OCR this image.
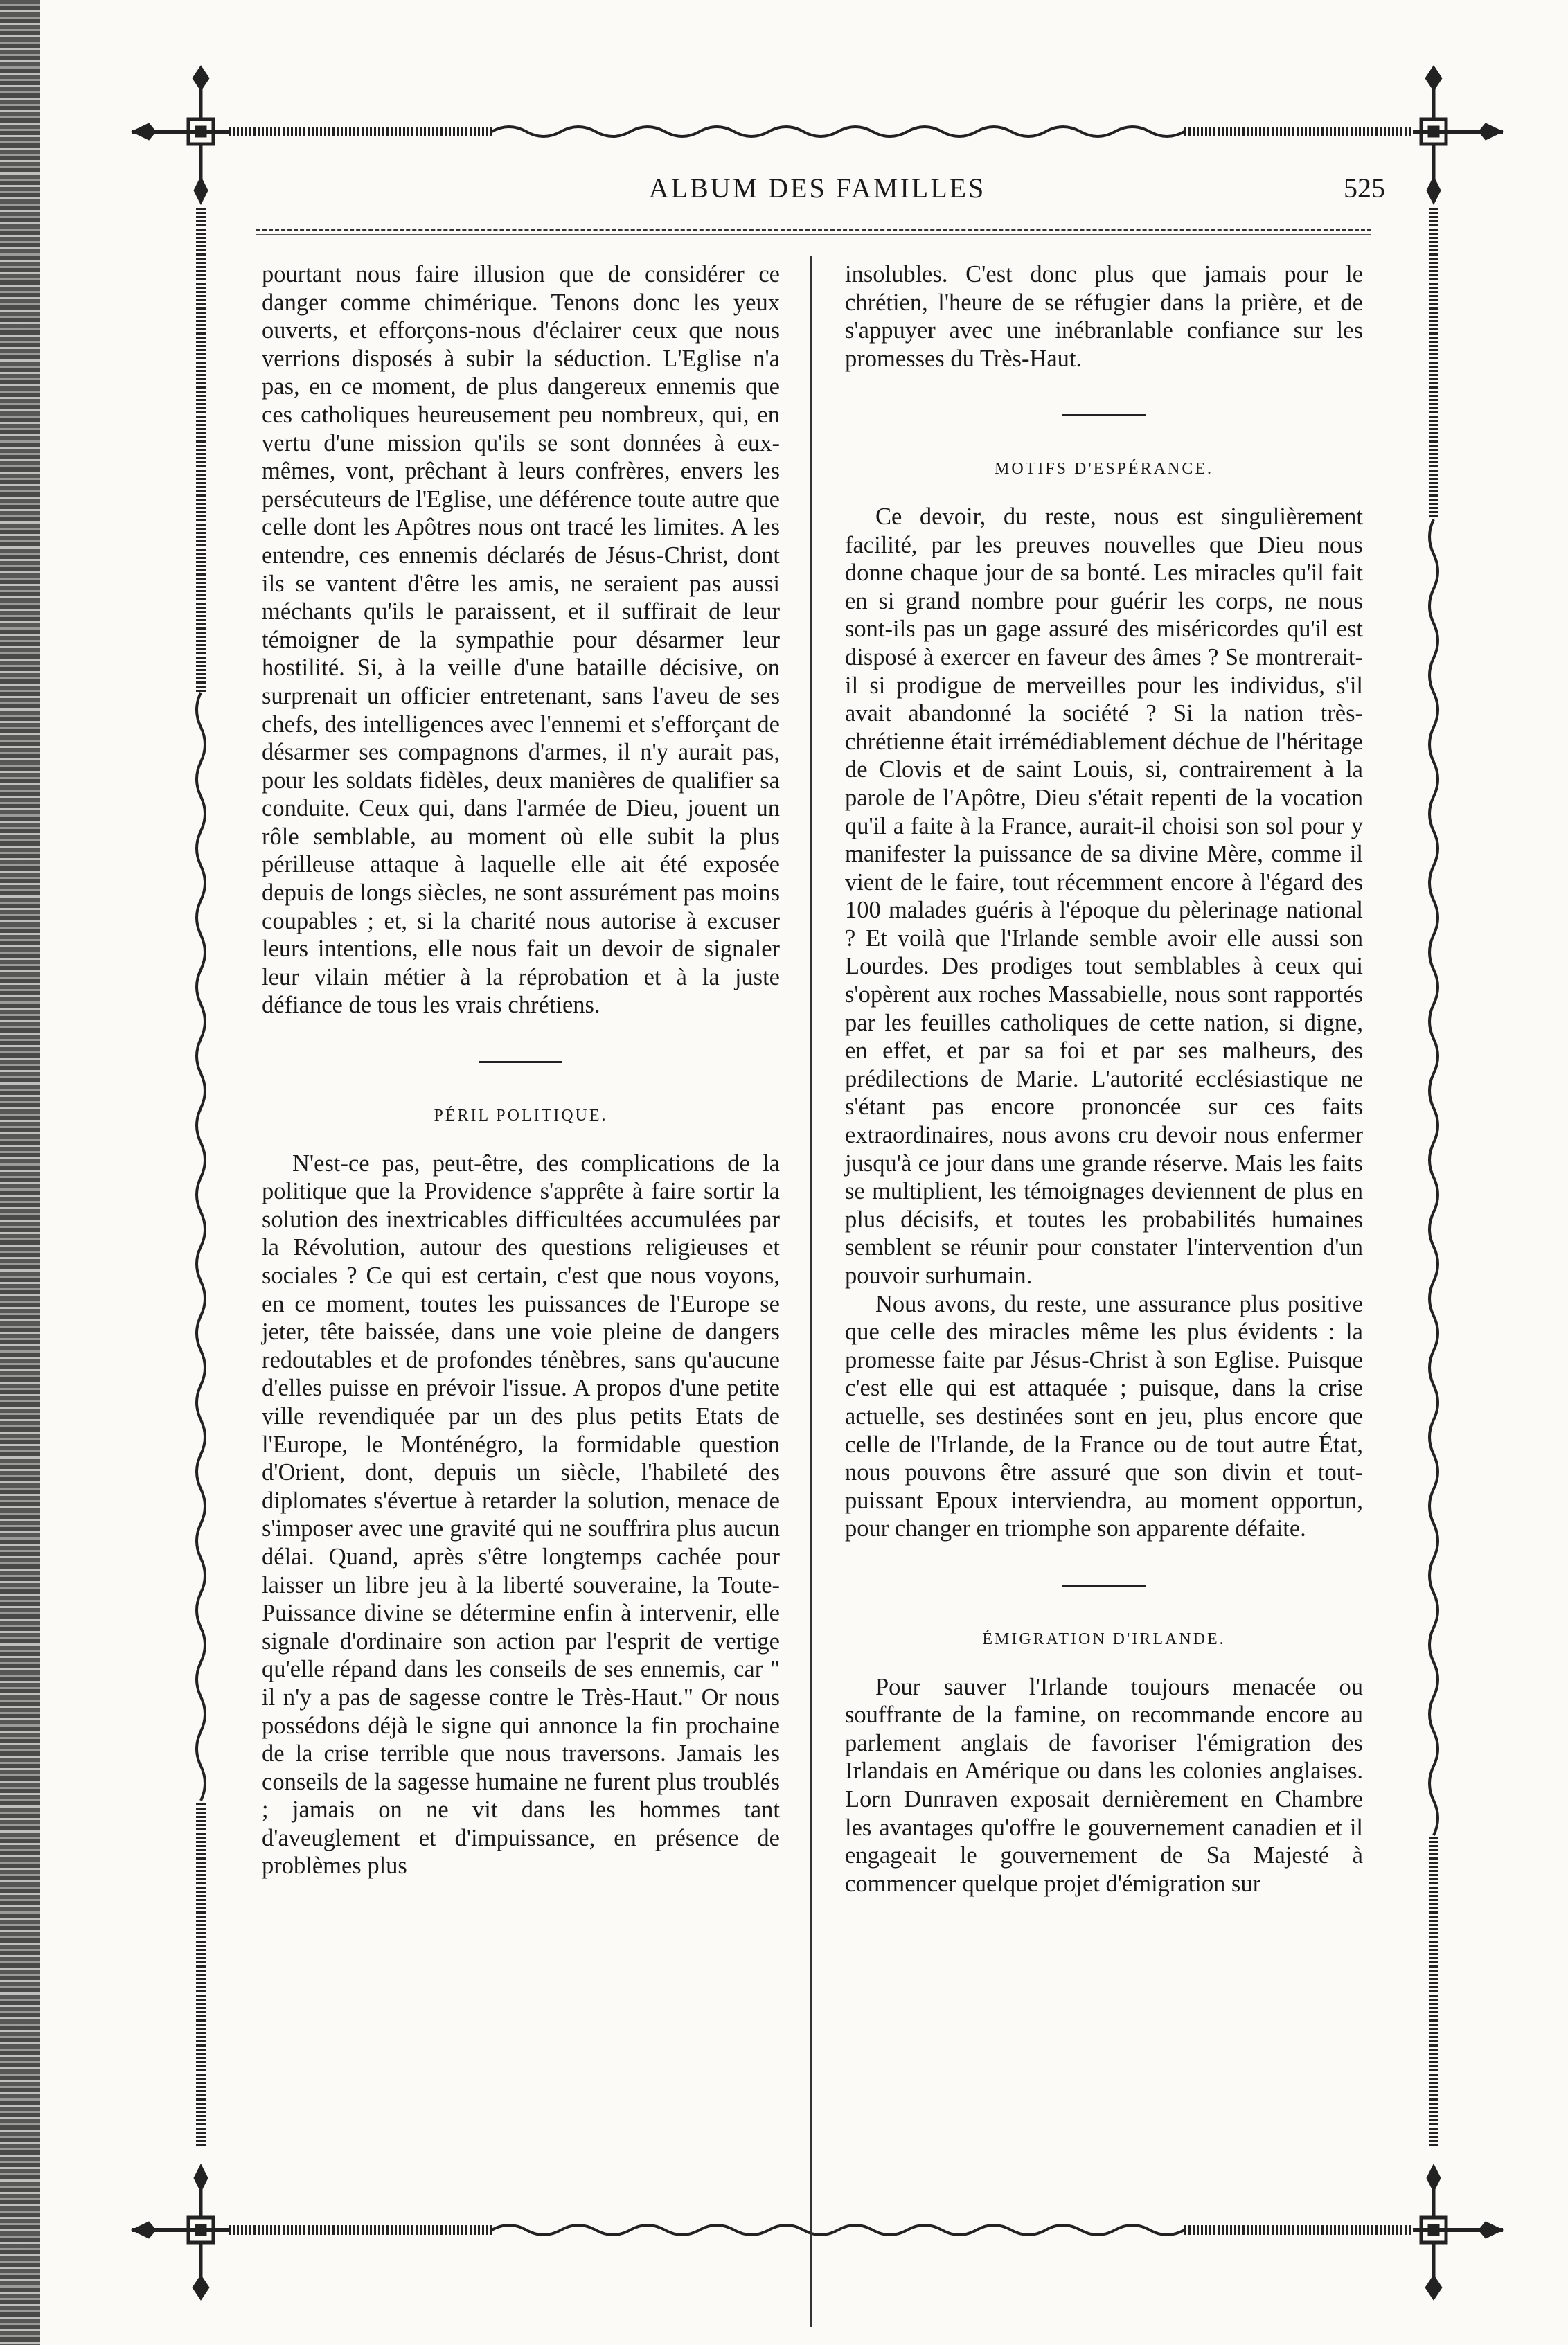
ALBUM DES FAMILLES	525

pourtant nous faire illusion que de considérer ce danger comme chimérique. Tenons donc les yeux ouverts, et efforçons-nous d'éclairer ceux que nous verrions disposés à subir la séduction. L'Eglise n'a pas, en ce moment, de plus dangereux ennemis que ces catholiques heureusement peu nombreux, qui, en vertu d'une mission qu'ils se sont données à eux-mêmes, vont, prêchant à leurs confrères, envers les persécuteurs de l'Eglise, une déférence toute autre que celle dont les Apôtres nous ont tracé les limites. A les entendre, ces ennemis déclarés de Jésus-Christ, dont ils se vantent d'être les amis, ne seraient pas aussi méchants qu'ils le paraissent, et il suffirait de leur témoigner de la sympathie pour désarmer leur hostilité. Si, à la veille d'une bataille décisive, on surprenait un officier entretenant, sans l'aveu de ses chefs, des intelligences avec l'ennemi et s'efforçant de désarmer ses compagnons d'armes, il n'y aurait pas, pour les soldats fidèles, deux manières de qualifier sa conduite. Ceux qui, dans l'armée de Dieu, jouent un rôle semblable, au moment où elle subit la plus périlleuse attaque à laquelle elle ait été exposée depuis de longs siècles, ne sont assurément pas moins coupables ; et, si la charité nous autorise à excuser leurs intentions, elle nous fait un devoir de signaler leur vilain métier à la réprobation et à la juste défiance de tous les vrais chrétiens.

PÉRIL POLITIQUE.

N'est-ce pas, peut-être, des complications de la politique que la Providence s'apprête à faire sortir la solution des inextricables difficultées accumulées par la Révolution, autour des questions religieuses et sociales ? Ce qui est certain, c'est que nous voyons, en ce moment, toutes les puissances de l'Europe se jeter, tête baissée, dans une voie pleine de dangers redoutables et de profondes ténèbres, sans qu'aucune d'elles puisse en prévoir l'issue. A propos d'une petite ville revendiquée par un des plus petits Etats de l'Europe, le Monténégro, la formidable question d'Orient, dont, depuis un siècle, l'habileté des diplomates s'évertue à retarder la solution, menace de s'imposer avec une gravité qui ne souffrira plus aucun délai. Quand, après s'être longtemps cachée pour laisser un libre jeu à la liberté souveraine, la Toute-Puissance divine se détermine enfin à intervenir, elle signale d'ordinaire son action par l'esprit de vertige qu'elle répand dans les conseils de ses ennemis, car " il n'y a pas de sagesse contre le Très-Haut." Or nous possédons déjà le signe qui annonce la fin prochaine de la crise terrible que nous traversons. Jamais les conseils de la sagesse humaine ne furent plus troublés ; jamais on ne vit dans les hommes tant d'aveuglement et d'impuissance, en présence de problèmes plus

insolubles. C'est donc plus que jamais pour le chrétien, l'heure de se réfugier dans la prière, et de s'appuyer avec une inébranlable confiance sur les promesses du Très-Haut.

MOTIFS D'ESPÉRANCE.

Ce devoir, du reste, nous est singulièrement facilité, par les preuves nouvelles que Dieu nous donne chaque jour de sa bonté. Les miracles qu'il fait en si grand nombre pour guérir les corps, ne nous sont-ils pas un gage assuré des miséricordes qu'il est disposé à exercer en faveur des âmes ? Se montrerait-il si prodigue de merveilles pour les individus, s'il avait abandonné la société ? Si la nation très-chrétienne était irrémédiablement déchue de l'héritage de Clovis et de saint Louis, si, contrairement à la parole de l'Apôtre, Dieu s'était repenti de la vocation qu'il a faite à la France, aurait-il choisi son sol pour y manifester la puissance de sa divine Mère, comme il vient de le faire, tout récemment encore à l'égard des 100 malades guéris à l'époque du pèlerinage national ? Et voilà que l'Irlande semble avoir elle aussi son Lourdes. Des prodiges tout semblables à ceux qui s'opèrent aux roches Massabielle, nous sont rapportés par les feuilles catholiques de cette nation, si digne, en effet, et par sa foi et par ses malheurs, des prédilections de Marie. L'autorité ecclésiastique ne s'étant pas encore prononcée sur ces faits extraordinaires, nous avons cru devoir nous enfermer jusqu'à ce jour dans une grande réserve. Mais les faits se multiplient, les témoignages deviennent de plus en plus décisifs, et toutes les probabilités humaines semblent se réunir pour constater l'intervention d'un pouvoir surhumain.

Nous avons, du reste, une assurance plus positive que celle des miracles même les plus évidents : la promesse faite par Jésus-Christ à son Eglise. Puisque c'est elle qui est attaquée ; puisque, dans la crise actuelle, ses destinées sont en jeu, plus encore que celle de l'Irlande, de la France ou de tout autre État, nous pouvons être assuré que son divin et tout-puissant Epoux interviendra, au moment opportun, pour changer en triomphe son apparente défaite.

ÉMIGRATION D'IRLANDE.

Pour sauver l'Irlande toujours menacée ou souffrante de la famine, on recommande encore au parlement anglais de favoriser l'émigration des Irlandais en Amérique ou dans les colonies anglaises. Lorn Dunraven exposait dernièrement en Chambre les avantages qu'offre le gouvernement canadien et il engageait le gouvernement de Sa Majesté à commencer quelque projet d'émigration sur
